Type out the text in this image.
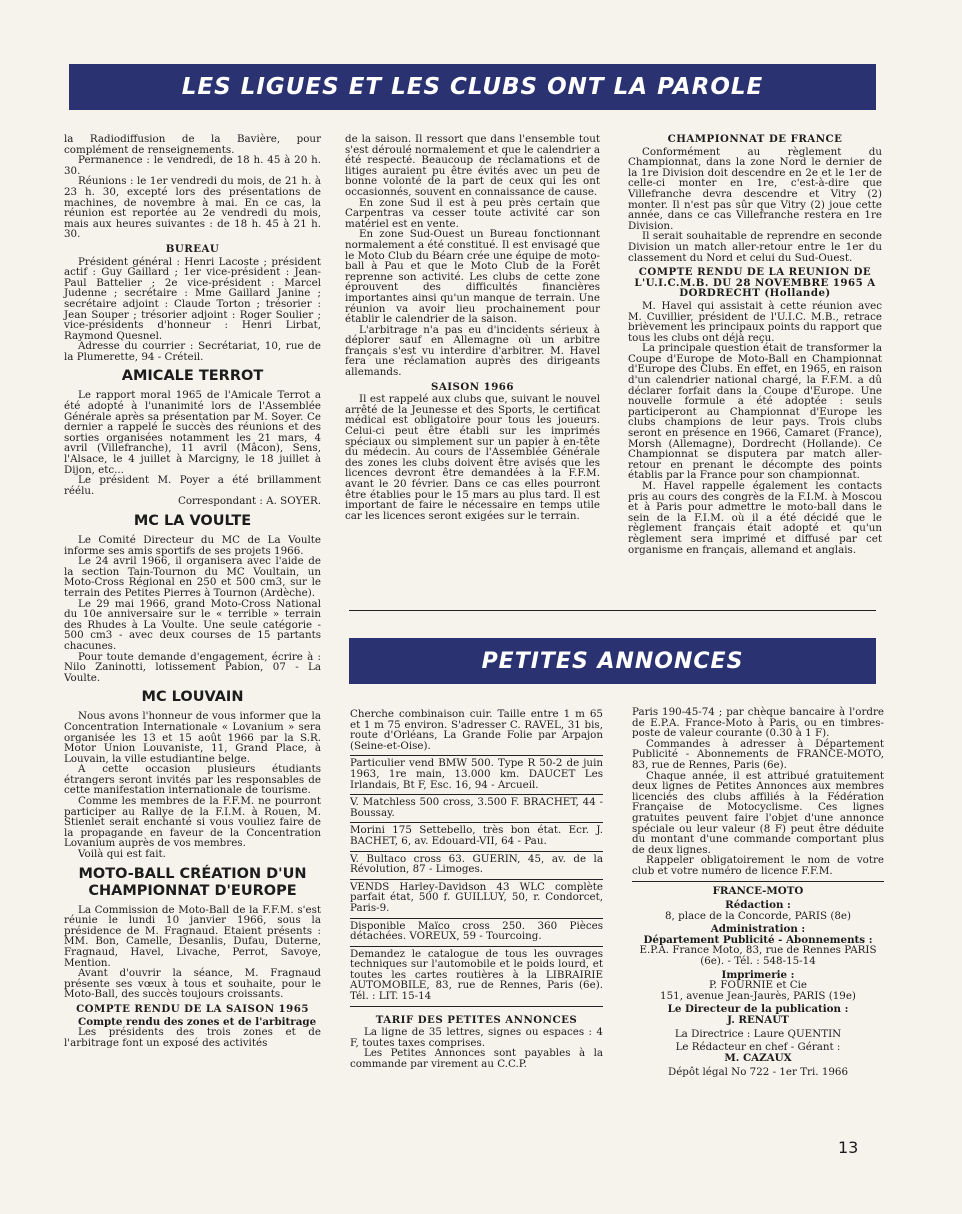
LES LIGUES ET LES CLUBS ONT LA PAROLE

la Radiodiffusion de la Bavière, pour complément de renseignements.

Permanence : le vendredi, de 18 h. 45 à 20 h. 30.

Réunions : le 1er vendredi du mois, de 21 h. à 23 h. 30, excepté lors des présentations de machines, de novembre à mai. En ce cas, la réunion est reportée au 2e vendredi du mois, mais aux heures suivantes : de 18 h. 45 à 21 h. 30.

BUREAU

Président général : Henri Lacoste ; président actif : Guy Gaillard ; 1er vice-président : Jean-Paul Battelier ; 2e vice-président : Marcel Judenne ; secrétaire : Mme Gaillard Janine ; secrétaire adjoint : Claude Torton ; trésorier : Jean Souper ; trésorier adjoint : Roger Soulier ; vice-présidents d'honneur : Henri Lirbat, Raymond Quesnel.

Adresse du courrier : Secrétariat, 10, rue de la Plumerette, 94 - Créteil.

AMICALE TERROT

Le rapport moral 1965 de l'Amicale Terrot a été adopté à l'unanimité lors de l'Assemblée Générale après sa présentation par M. Soyer. Ce dernier a rappelé le succès des réunions et des sorties organisées notamment les 21 mars, 4 avril (Villefranche), 11 avril (Mâcon), Sens, l'Alsace, le 4 juillet à Marcigny, le 18 juillet à Dijon, etc...

Le président M. Poyer a été brillamment réélu.

Correspondant : A. SOYER.

MC LA VOULTE

Le Comité Directeur du MC de La Voulte informe ses amis sportifs de ses projets 1966.

Le 24 avril 1966, il organisera avec l'aide de la section Tain-Tournon du MC Voultain, un Moto-Cross Régional en 250 et 500 cm3, sur le terrain des Petites Pierres à Tournon (Ardèche).

Le 29 mai 1966, grand Moto-Cross National du 10e anniversaire sur le « terrible » terrain des Rhudes à La Voulte. Une seule catégorie - 500 cm3 - avec deux courses de 15 partants chacunes.

Pour toute demande d'engagement, écrire à : Nilo Zaninotti, lotissement Pabion, 07 - La Voulte.

MC LOUVAIN

Nous avons l'honneur de vous informer que la Concentration Internationale « Lovanium » sera organisée les 13 et 15 août 1966 par la S.R. Motor Union Louvaniste, 11, Grand Place, à Louvain, la ville estudiantine belge.

A cette occasion plusieurs étudiants étrangers seront invités par les responsables de cette manifestation internationale de tourisme.

Comme les membres de la F.F.M. ne pourront participer au Rallye de la F.I.M. à Rouen, M. Stienlet serait enchanté si vous vouliez faire de la propagande en faveur de la Concentration Lovanium auprès de vos membres.

Voilà qui est fait.

MOTO-BALL CRÉATION D'UN CHAMPIONNAT D'EUROPE

La Commission de Moto-Ball de la F.F.M. s'est réunie le lundi 10 janvier 1966, sous la présidence de M. Fragnaud. Etaient présents : MM. Bon, Camelle, Desanlis, Dufau, Duterne, Fragnaud, Havel, Livache, Perrot, Savoye, Mention.

Avant d'ouvrir la séance, M. Fragnaud présente ses vœux à tous et souhaite, pour le Moto-Ball, des succès toujours croissants.

COMPTE RENDU DE LA SAISON 1965

Compte rendu des zones et de l'arbitrage

Les présidents des trois zones et de l'arbitrage font un exposé des activités

de la saison. Il ressort que dans l'ensemble tout s'est déroulé normalement et que le calendrier a été respecté. Beaucoup de réclamations et de litiges auraient pu être évités avec un peu de bonne volonté de la part de ceux qui les ont occasionnés, souvent en connaissance de cause.

En zone Sud il est à peu près certain que Carpentras va cesser toute activité car son matériel est en vente.

En zone Sud-Ouest un Bureau fonctionnant normalement a été constitué. Il est envisagé que le Moto Club du Béarn crée une équipe de moto-ball à Pau et que le Moto Club de la Forêt reprenne son activité. Les clubs de cette zone éprouvent des difficultés financières importantes ainsi qu'un manque de terrain. Une réunion va avoir lieu prochainement pour établir le calendrier de la saison.

L'arbitrage n'a pas eu d'incidents sérieux à déplorer sauf en Allemagne où un arbitre français s'est vu interdire d'arbitrer. M. Havel fera une réclamation auprès des dirigeants allemands.

SAISON 1966

Il est rappelé aux clubs que, suivant le nouvel arrêté de la Jeunesse et des Sports, le certificat médical est obligatoire pour tous les joueurs. Celui-ci peut être établi sur les imprimés spéciaux ou simplement sur un papier à en-tête du médecin. Au cours de l'Assemblée Générale des zones les clubs doivent être avisés que les licences devront être demandées à la F.F.M. avant le 20 février. Dans ce cas elles pourront être établies pour le 15 mars au plus tard. Il est important de faire le nécessaire en temps utile car les licences seront exigées sur le terrain.

CHAMPIONNAT DE FRANCE

Conformément au règlement du Championnat, dans la zone Nord le dernier de la 1re Division doit descendre en 2e et le 1er de celle-ci monter en 1re, c'est-à-dire que Villefranche devra descendre et Vitry (2) monter. Il n'est pas sûr que Vitry (2) joue cette année, dans ce cas Villefranche restera en 1re Division.

Il serait souhaitable de reprendre en seconde Division un match aller-retour entre le 1er du classement du Nord et celui du Sud-Ouest.

COMPTE RENDU DE LA REUNION DE L'U.I.C.M.B. DU 28 NOVEMBRE 1965 A DORDRECHT (Hollande)

M. Havel qui assistait à cette réunion avec M. Cuvillier, président de l'U.I.C. M.B., retrace brièvement les principaux points du rapport que tous les clubs ont déjà reçu.

La principale question était de transformer la Coupe d'Europe de Moto-Ball en Championnat d'Europe des Clubs. En effet, en 1965, en raison d'un calendrier national chargé, la F.F.M. a dû déclarer forfait dans la Coupe d'Europe. Une nouvelle formule a été adoptée : seuls participeront au Championnat d'Europe les clubs champions de leur pays. Trois clubs seront en présence en 1966, Camaret (France), Morsh (Allemagne), Dordrecht (Hollande). Ce Championnat se disputera par match aller-retour en prenant le décompte des points établis par la France pour son championnat.

M. Havel rappelle également les contacts pris au cours des congrès de la F.I.M. à Moscou et à Paris pour admettre le moto-ball dans le sein de la F.I.M. où il a été décidé que le règlement français était adopté et qu'un règlement sera imprimé et diffusé par cet organisme en français, allemand et anglais.

PETITES ANNONCES
Cherche combinaison cuir. Taille entre 1 m 65 et 1 m 75 environ. S'adresser C. RAVEL, 31 bis, route d'Orléans, La Grande Folie par Arpajon (Seine-et-Oise).
Particulier vend BMW 500. Type R 50-2 de juin 1963, 1re main, 13.000 km. DAUCET Les Irlandais, Bt F, Esc. 16, 94 - Arcueil.
V. Matchless 500 cross, 3.500 F. BRACHET, 44 - Boussay.
Morini 175 Settebello, très bon état. Ecr. J. BACHET, 6, av. Edouard-VII, 64 - Pau.
V. Bultaco cross 63. GUERIN, 45, av. de la Révolution, 87 - Limoges.
VENDS Harley-Davidson 43 WLC complète parfait état, 500 f. GUILLUY, 50, r. Condorcet, Paris-9.
Disponible Maïco cross 250. 360 Pièces détachées. VOREUX, 59 - Tourcoing.
Demandez le catalogue de tous les ouvrages techniques sur l'automobile et le poids lourd, et toutes les cartes routières à la LIBRAIRIE AUTOMOBILE, 83, rue de Rennes, Paris (6e). Tél. : LIT. 15-14
TARIF DES PETITES ANNONCES

La ligne de 35 lettres, signes ou espaces : 4 F, toutes taxes comprises.

Les Petites Annonces sont payables à la commande par virement au C.C.P.

Paris 190-45-74 ; par chèque bancaire à l'ordre de E.P.A. France-Moto à Paris, ou en timbres-poste de valeur courante (0.30 à 1 F).

Commandes à adresser à Département Publicité - Abonnements de FRANCE-MOTO, 83, rue de Rennes, Paris (6e).

Chaque année, il est attribué gratuitement deux lignes de Petites Annonces aux membres licenciés des clubs affiliés à la Fédération Française de Motocyclisme. Ces lignes gratuites peuvent faire l'objet d'une annonce spéciale ou leur valeur (8 F) peut être déduite du montant d'une commande comportant plus de deux lignes.

Rappeler obligatoirement le nom de votre club et votre numéro de licence F.F.M.

FRANCE-MOTO
Rédaction :
8, place de la Concorde, PARIS (8e)
Administration :
Département Publicité - Abonnements :
E.P.A. France Moto, 83, rue de Rennes PARIS (6e). - Tél. : 548-15-14
Imprimerie :
P. FOURNIE et Cie
151, avenue Jean-Jaurès, PARIS (19e)
Le Directeur de la publication :
J. RENAUT
La Directrice : Laure QUENTIN
Le Rédacteur en chef - Gérant :
M. CAZAUX
Dépôt légal No 722 - 1er Tri. 1966
13
